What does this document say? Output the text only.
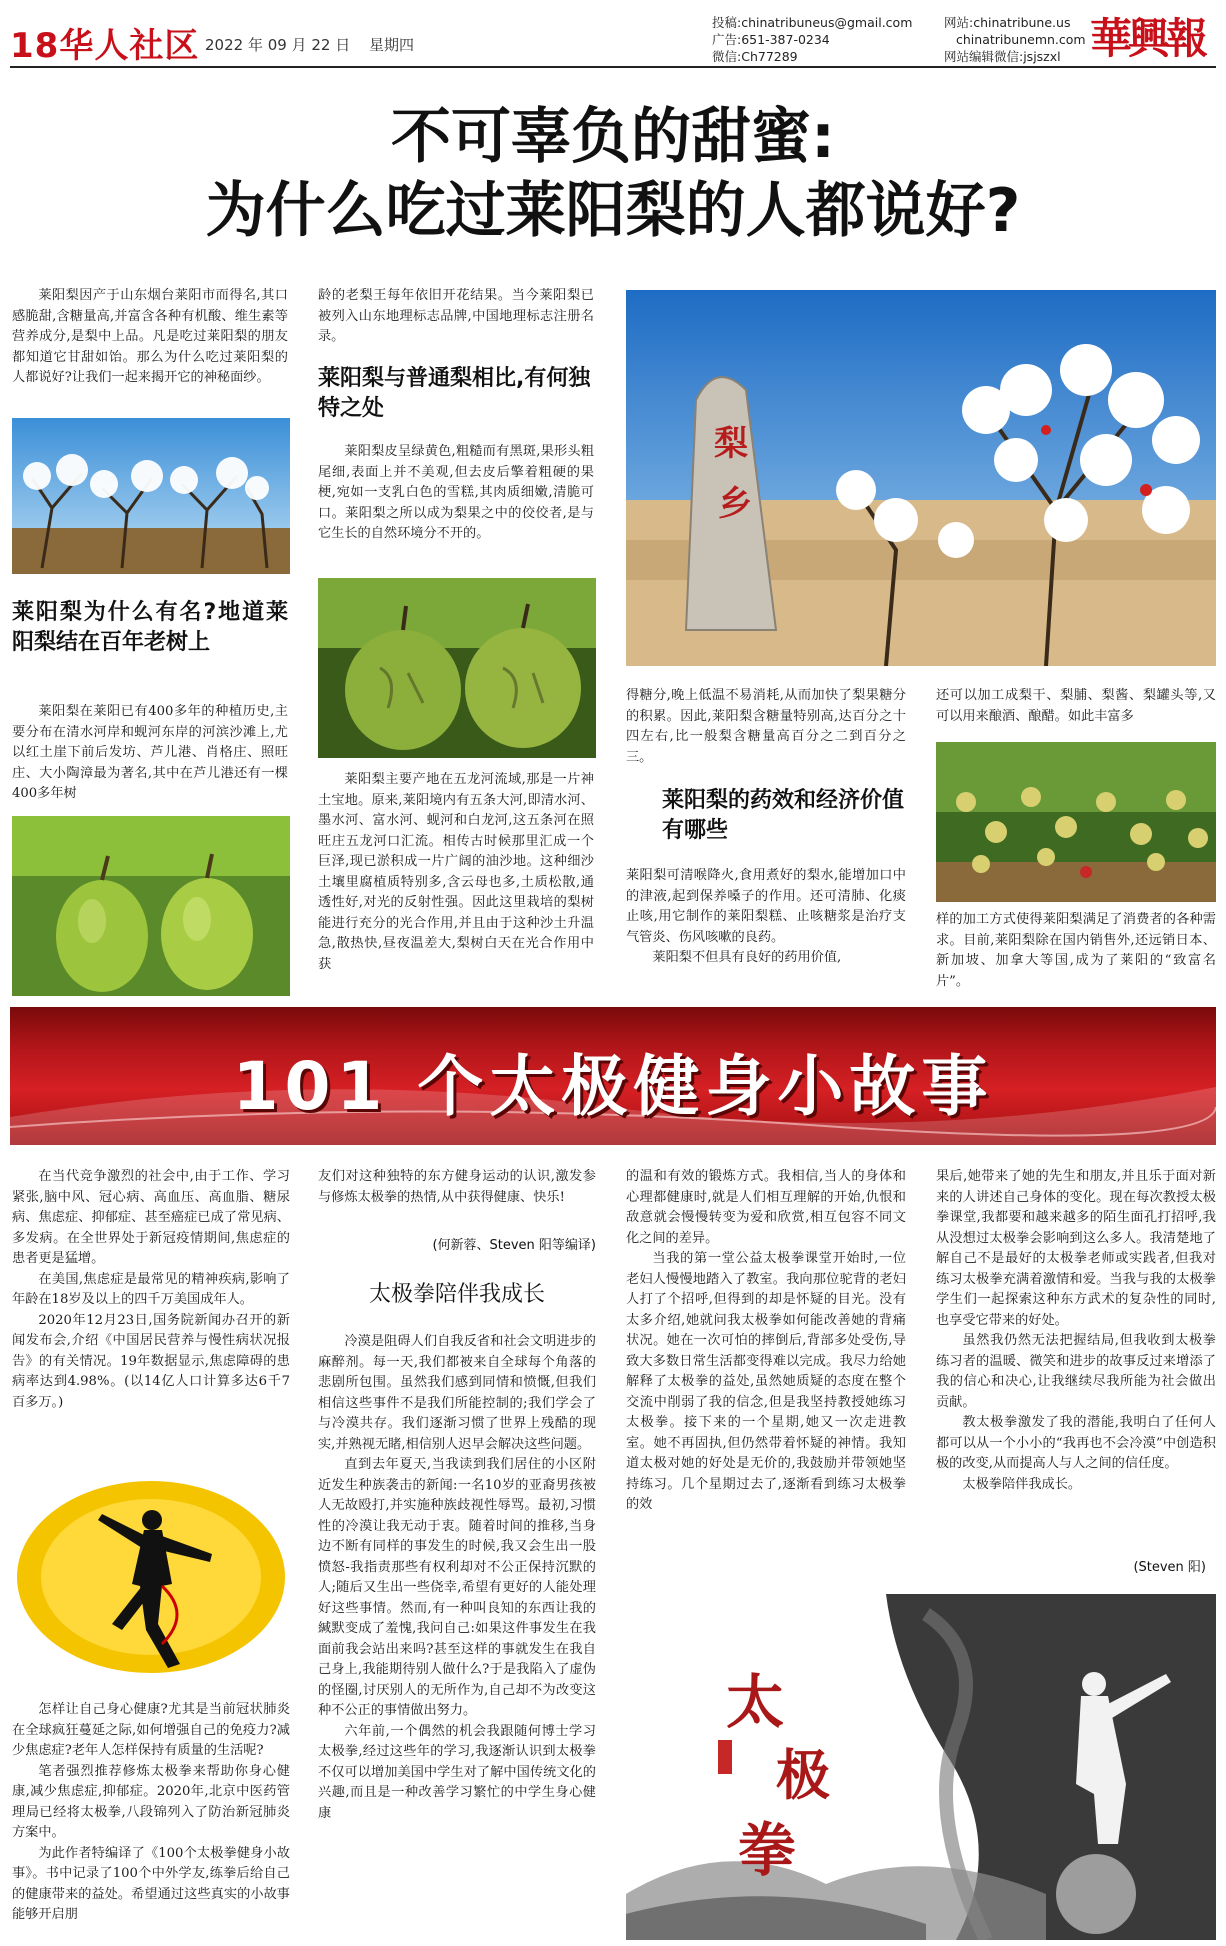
18华人社区 2022 年 09 月 22 日 星期四
投稿:chinatribuneus@gmail.com
广告:651-387-0234
微信:Ch77289
网站:chinatribune.us
chinatribunemn.com
网站编辑微信:jsjszxl 華興報
不可辜负的甜蜜:
为什么吃过莱阳梨的人都说好?

莱阳梨因产于山东烟台莱阳市而得名,其口感脆甜,含糖量高,并富含各种有机酸、维生素等营养成分,是梨中上品。凡是吃过莱阳梨的朋友都知道它甘甜如饴。那么为什么吃过莱阳梨的人都说好?让我们一起来揭开它的神秘面纱。

莱阳梨为什么有名?地道莱阳梨结在百年老树上

莱阳梨在莱阳已有400多年的种植历史,主要分布在清水河岸和蚬河东岸的河滨沙滩上,尤以红土崖下前后发坊、芦儿港、肖格庄、照旺庄、大小陶漳最为著名,其中在芦儿港还有一棵400多年树

龄的老梨王每年依旧开花结果。当今莱阳梨已被列入山东地理标志品牌,中国地理标志注册名录。

莱阳梨与普通梨相比,有何独特之处

莱阳梨皮呈绿黄色,粗糙而有黑斑,果形头粗尾细,表面上并不美观,但去皮后擎着粗硬的果梗,宛如一支乳白色的雪糕,其肉质细嫩,清脆可口。莱阳梨之所以成为梨果之中的佼佼者,是与它生长的自然环境分不开的。

莱阳梨主要产地在五龙河流域,那是一片神土宝地。原来,莱阳境内有五条大河,即清水河、墨水河、富水河、蚬河和白龙河,这五条河在照旺庄五龙河口汇流。相传古时候那里汇成一个巨泽,现已淤积成一片广阔的油沙地。这种细沙土壤里腐植质特别多,含云母也多,土质松散,通透性好,对光的反射性强。因此这里栽培的梨树能进行充分的光合作用,并且由于这种沙土升温急,散热快,昼夜温差大,梨树白天在光合作用中获

梨
乡

得糖分,晚上低温不易消耗,从而加快了梨果糖分的积累。因此,莱阳梨含糖量特别高,达百分之十四左右,比一般梨含糖量高百分之二到百分之三。

莱阳梨的药效和经济价值有哪些

莱阳梨可清喉降火,食用煮好的梨水,能增加口中的津液,起到保养嗓子的作用。还可清肺、化痰止咳,用它制作的莱阳梨糕、止咳糖浆是治疗支气管炎、伤风咳嗽的良药。

莱阳梨不但具有良好的药用价值,

还可以加工成梨干、梨脯、梨酱、梨罐头等,又可以用来酿酒、酿醋。如此丰富多

样的加工方式使得莱阳梨满足了消费者的各种需求。目前,莱阳梨除在国内销售外,还远销日本、新加坡、加拿大等国,成为了莱阳的“致富名片”。

101 个太极健身小故事

在当代竞争激烈的社会中,由于工作、学习紧张,脑中风、冠心病、高血压、高血脂、糖尿病、焦虑症、抑郁症、甚至癌症已成了常见病、多发病。在全世界处于新冠疫情期间,焦虑症的患者更是猛增。

在美国,焦虑症是最常见的精神疾病,影响了年龄在18岁及以上的四千万美国成年人。

2020年12月23日,国务院新闻办召开的新闻发布会,介绍《中国居民营养与慢性病状况报告》的有关情况。19年数据显示,焦虑障碍的患病率达到4.98%。(以14亿人口计算多达6千7百多万。)

怎样让自己身心健康?尤其是当前冠状肺炎在全球疯狂蔓延之际,如何增强自己的免疫力?减少焦虑症?老年人怎样保持有质量的生活呢?

笔者强烈推荐修炼太极拳来帮助你身心健康,减少焦虑症,抑郁症。2020年,北京中医药管理局已经将太极拳,八段锦列入了防治新冠肺炎方案中。

为此作者特编译了《100个太极拳健身小故事》。书中记录了100个中外学友,练拳后给自己的健康带来的益处。希望通过这些真实的小故事能够开启朋

友们对这种独特的东方健身运动的认识,激发参与修炼太极拳的热情,从中获得健康、快乐!

(何新蓉、Steven 阳等编译)
太极拳陪伴我成长

冷漠是阻碍人们自我反省和社会文明进步的麻醉剂。每一天,我们都被来自全球每个角落的悲剧所包围。虽然我们感到同情和愤慨,但我们相信这些事件不是我们所能控制的;我们学会了与冷漠共存。我们逐渐习惯了世界上残酷的现实,并熟视无睹,相信别人迟早会解决这些问题。

直到去年夏天,当我读到我们居住的小区附近发生种族袭击的新闻:一名10岁的亚裔男孩被人无故殴打,并实施种族歧视性辱骂。最初,习惯性的冷漠让我无动于衷。随着时间的推移,当身边不断有同样的事发生的时候,我又会生出一股愤怒-我指责那些有权利却对不公正保持沉默的人;随后又生出一些侥幸,希望有更好的人能处理好这些事情。然而,有一种叫良知的东西让我的緘默变成了羞愧,我问自己:如果这件事发生在我面前我会站出来吗?甚至这样的事就发生在我自己身上,我能期待别人做什么?于是我陷入了虚伪的怪圈,讨厌别人的无所作为,自己却不为改变这种不公正的事情做出努力。

六年前,一个偶然的机会我跟随何博士学习太极拳,经过这些年的学习,我逐渐认识到太极拳不仅可以增加美国中学生对了解中国传统文化的兴趣,而且是一种改善学习繁忙的中学生身心健康

的温和有效的锻炼方式。我相信,当人的身体和心理都健康时,就是人们相互理解的开始,仇恨和敌意就会慢慢转变为爱和欣赏,相互包容不同文化之间的差异。

当我的第一堂公益太极拳课堂开始时,一位老妇人慢慢地踏入了教室。我向那位驼背的老妇人打了个招呼,但得到的却是怀疑的目光。没有太多介绍,她就问我太极拳如何能改善她的背痛状况。她在一次可怕的摔倒后,背部多处受伤,导致大多数日常生活都变得难以完成。我尽力给她解释了太极拳的益处,虽然她质疑的态度在整个交流中削弱了我的信念,但是我坚持教授她练习太极拳。接下来的一个星期,她又一次走进教室。她不再固执,但仍然带着怀疑的神情。我知道太极对她的好处是无价的,我鼓励并带领她坚持练习。几个星期过去了,逐渐看到练习太极拳的效

果后,她带来了她的先生和朋友,并且乐于面对新来的人讲述自己身体的变化。现在每次教授太极拳课堂,我都要和越来越多的陌生面孔打招呼,我从没想过太极拳会影响到这么多人。我清楚地了解自己不是最好的太极拳老师或实践者,但我对练习太极拳充满着激情和爱。当我与我的太极拳学生们一起探索这种东方武术的复杂性的同时,也享受它带来的好处。

虽然我仍然无法把握结局,但我收到太极拳练习者的温暖、微笑和进步的故事反过来增添了我的信心和决心,让我继续尽我所能为社会做出贡献。

教太极拳激发了我的潜能,我明白了任何人都可以从一个小小的“我再也不会冷漠”中创造积极的改变,从而提高人与人之间的信任度。

太极拳陪伴我成长。

(Steven 阳)
太
极
拳
